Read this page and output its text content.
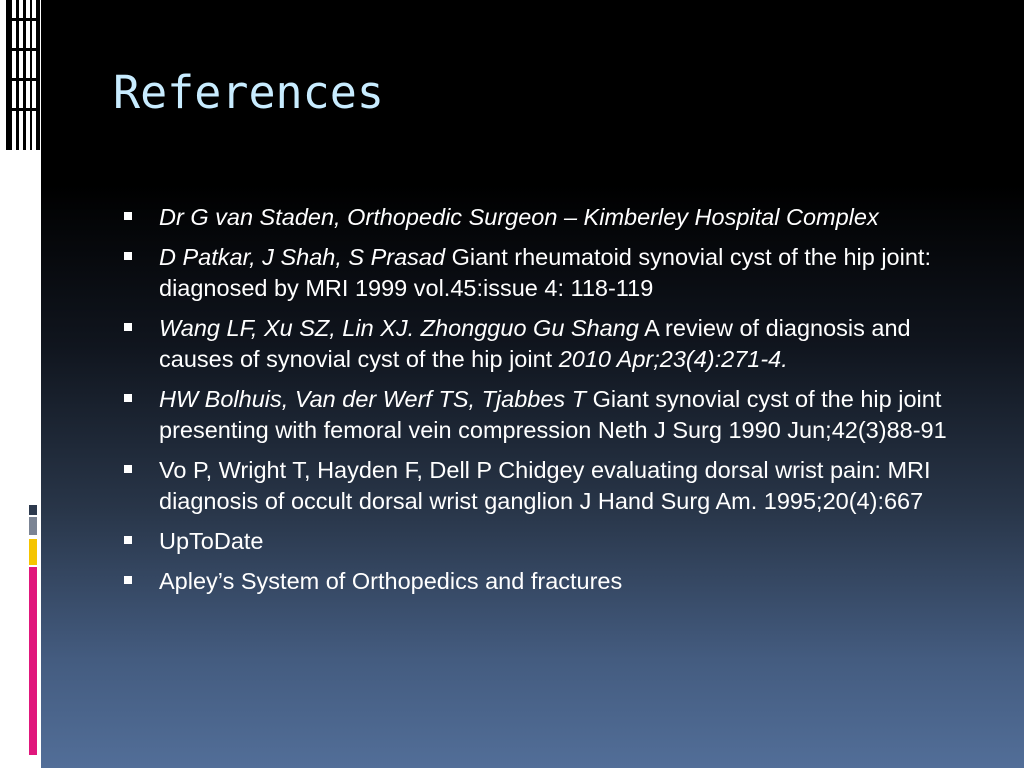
References
Dr G van Staden, Orthopedic Surgeon – Kimberley Hospital Complex
D Patkar, J Shah, S Prasad Giant rheumatoid synovial cyst of the hip joint: diagnosed by MRI 1999 vol.45:issue 4: 118-119
Wang LF, Xu SZ, Lin XJ. Zhongguo Gu Shang A review of diagnosis and causes of synovial cyst of the hip joint 2010 Apr;23(4):271-4.
HW Bolhuis, Van der Werf TS, Tjabbes T Giant synovial cyst of the hip joint presenting with femoral vein compression Neth J Surg 1990 Jun;42(3)88-91
Vo P, Wright T, Hayden F, Dell P Chidgey evaluating dorsal wrist pain: MRI diagnosis of occult dorsal wrist ganglion J Hand Surg Am. 1995;20(4):667
UpToDate
Apley’s System of Orthopedics and fractures
